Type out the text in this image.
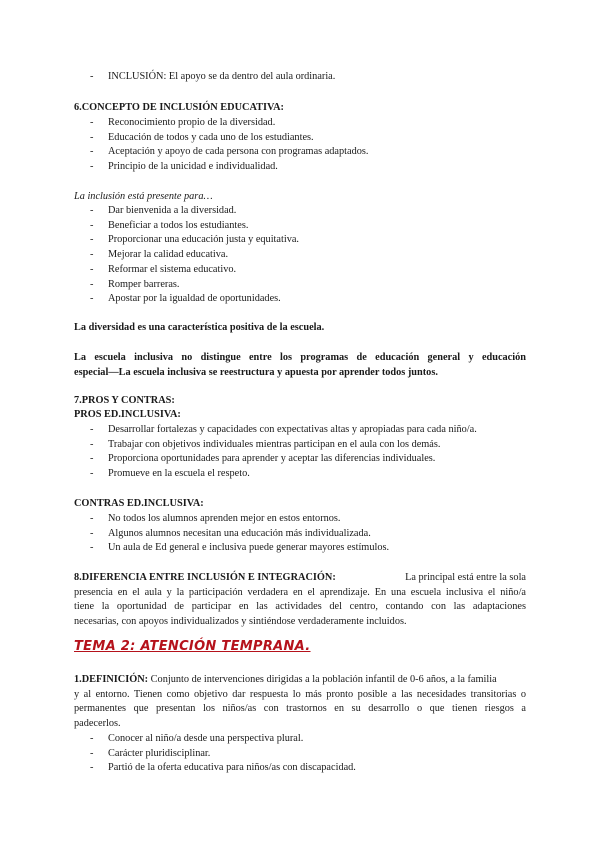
- INCLUSIÓN: El apoyo se da dentro del aula ordinaria.
6.CONCEPTO DE INCLUSIÓN EDUCATIVA:
- Reconocimiento propio de la diversidad.
- Educación de todos y cada uno de los estudiantes.
- Aceptación y apoyo de cada persona con programas adaptados.
- Principio de la unicidad e individualidad.
La inclusión está presente para…
- Dar bienvenida a la diversidad.
- Beneficiar a todos los estudiantes.
- Proporcionar una educación justa y equitativa.
- Mejorar la calidad educativa.
- Reformar el sistema educativo.
- Romper barreras.
- Apostar por la igualdad de oportunidades.
La diversidad es una característica positiva de la escuela.
La escuela inclusiva no distingue entre los programas de educación general y educación
especial—La escuela inclusiva se reestructura y apuesta por aprender todos juntos.
7.PROS Y CONTRAS:
PROS ED.INCLUSIVA:
- Desarrollar fortalezas y capacidades con expectativas altas y apropiadas para cada niño/a.
- Trabajar con objetivos individuales mientras participan en el aula con los demás.
- Proporciona oportunidades para aprender y aceptar las diferencias individuales.
- Promueve en la escuela el respeto.
CONTRAS ED.INCLUSIVA:
- No todos los alumnos aprenden mejor en estos entornos.
- Algunos alumnos necesitan una educación más individualizada.
- Un aula de Ed general e inclusiva puede generar mayores estímulos.
8.DIFERENCIA ENTRE INCLUSIÓN E INTEGRACIÓN:	La principal está entre la sola
presencia en el aula y la participación verdadera en el aprendizaje. En una escuela inclusiva el niño/a
tiene la oportunidad de participar en las actividades del centro, contando con las adaptaciones
necesarias, con apoyos individualizados y sintiéndose verdaderamente incluidos.
TEMA 2: ATENCIÓN TEMPRANA.
1.DEFINICIÓN: Conjunto de intervenciones dirigidas a la población infantil de 0-6 años, a la familia
y al entorno. Tienen como objetivo dar respuesta lo más pronto posible a las necesidades transitorias o
permanentes que presentan los niños/as con trastornos en su desarrollo o que tienen riesgos a
padecerlos.
- Conocer al niño/a desde una perspectiva plural.
- Carácter pluridisciplinar.
- Partió de la oferta educativa para niños/as con discapacidad.
